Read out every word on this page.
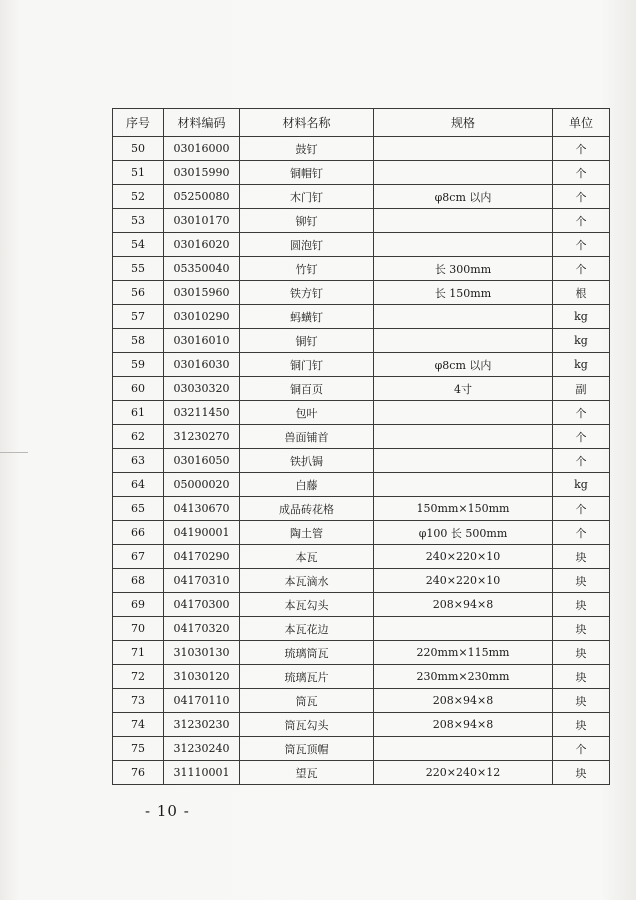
序号	材料编码	材料名称	规格	单位
50	03016000	鼓钉		个
51	03015990	铜帽钉		个
52	05250080	木门钉	φ8cm 以内	个
53	03010170	铆钉		个
54	03016020	圆泡钉		个
55	05350040	竹钉	长 300mm	个
56	03015960	铁方钉	长 150mm	根
57	03010290	蚂蟥钉		kg
58	03016010	铜钉		kg
59	03016030	铜门钉	φ8cm 以内	kg
60	03030320	铜百页	4寸	副
61	03211450	包叶		个
62	31230270	兽面铺首		个
63	03016050	铁扒锔		个
64	05000020	白藤		kg
65	04130670	成品砖花格	150mm×150mm	个
66	04190001	陶土管	φ100 长 500mm	个
67	04170290	本瓦	240×220×10	块
68	04170310	本瓦滴水	240×220×10	块
69	04170300	本瓦勾头	208×94×8	块
70	04170320	本瓦花边		块
71	31030130	琉璃筒瓦	220mm×115mm	块
72	31030120	琉璃瓦片	230mm×230mm	块
73	04170110	筒瓦	208×94×8	块
74	31230230	筒瓦勾头	208×94×8	块
75	31230240	筒瓦顶帽		个
76	31110001	望瓦	220×240×12	块
- 10 -
